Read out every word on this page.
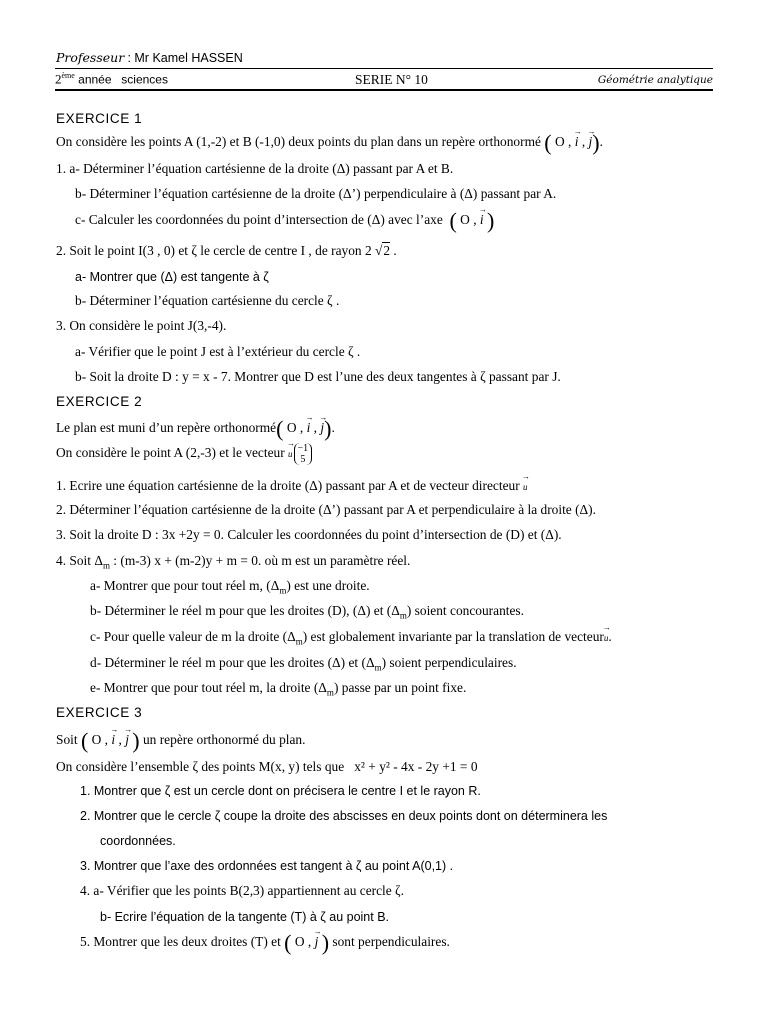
Professeur : Mr Kamel HASSEN
2ème année sciences	SERIE N° 10	Géométrie analytique
EXERCICE 1
On considère les points A (1,-2) et B (-1,0) deux points du plan dans un repère orthonormé ( O , → i , → j).
1. a- Déterminer l’équation cartésienne de la droite (Δ) passant par A et B.
b- Déterminer l’équation cartésienne de la droite (Δ’) perpendiculaire à (Δ) passant par A.
c- Calculer les coordonnées du point d’intersection de (Δ) avec l’axe ( O , → i )
2. Soit le point I(3 , 0) et ζ le cercle de centre I , de rayon 2 √2 .
a- Montrer que (Δ) est tangente à ζ
b- Déterminer l’équation cartésienne du cercle ζ .
3. On considère le point J(3,-4).
a- Vérifier que le point J est à l’extérieur du cercle ζ .
b- Soit la droite D : y = x - 7. Montrer que D est l’une des deux tangentes à ζ passant par J.
EXERCICE 2
Le plan est muni d’un repère orthonormé( O , → i , → j).
On considère le point A (2,-3) et le vecteur → u−1
5
1. Ecrire une équation cartésienne de la droite (Δ) passant par A et de vecteur directeur → u
2. Déterminer l’équation cartésienne de la droite (Δ’) passant par A et perpendiculaire à la droite (Δ).
3. Soit la droite D : 3x +2y = 0. Calculer les coordonnées du point d’intersection de (D) et (Δ).
4. Soit $\Delta_m$ : (m-3) x + (m-2)y + m = 0. où m est un paramètre réel.
a- Montrer que pour tout réel m, $(\Delta_m)$ est une droite.
b- Déterminer le réel m pour que les droites (D), (Δ) et $(\Delta_m)$ soient concourantes.
c- Pour quelle valeur de m la droite $(\Delta_m)$ est globalement invariante par la translation de vecteur→ u.
d- Déterminer le réel m pour que les droites (Δ) et $(\Delta_m)$ soient perpendiculaires.
e- Montrer que pour tout réel m, la droite $(\Delta_m)$ passe par un point fixe.
EXERCICE 3
Soit ( O , → i , → j ) un repère orthonormé du plan.
On considère l’ensemble ζ des points M(x, y) tels que x² + y² - 4x - 2y +1 = 0
1. Montrer que ζ est un cercle dont on précisera le centre I et le rayon R.
2. Montrer que le cercle ζ coupe la droite des abscisses en deux points dont on déterminera les
coordonnées.
3. Montrer que l’axe des ordonnées est tangent à ζ au point A(0,1) .
4. a- Vérifier que les points B(2,3) appartiennent au cercle ζ.
b- Ecrire l’équation de la tangente (T) à ζ au point B.
5. Montrer que les deux droites (T) et ( O , → j ) sont perpendiculaires.
